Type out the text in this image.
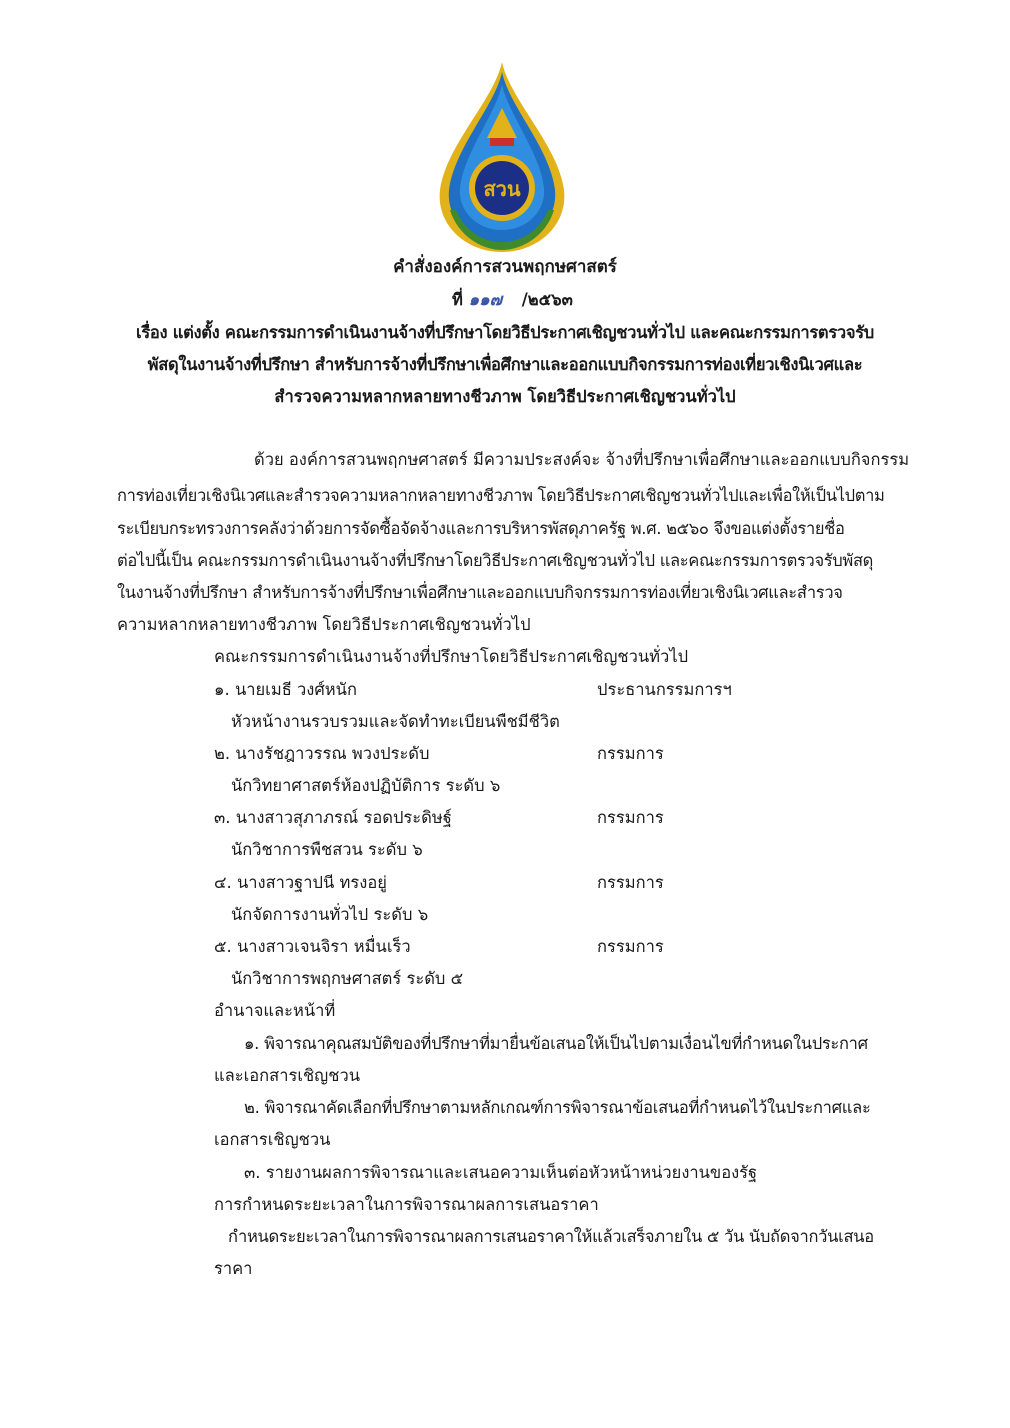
สวน
คำสั่งองค์การสวนพฤกษศาสตร์
ที่ ๑๑๗ /๒๕๖๓
เรื่อง แต่งตั้ง คณะกรรมการดำเนินงานจ้างที่ปรึกษาโดยวิธีประกาศเชิญชวนทั่วไป และคณะกรรมการตรวจรับ
พัสดุในงานจ้างที่ปรึกษา สำหรับการจ้างที่ปรึกษาเพื่อศึกษาและออกแบบกิจกรรมการท่องเที่ยวเชิงนิเวศและ
สำรวจความหลากหลายทางชีวภาพ โดยวิธีประกาศเชิญชวนทั่วไป
ด้วย องค์การสวนพฤกษศาสตร์ มีความประสงค์จะ จ้างที่ปรึกษาเพื่อศึกษาและออกแบบกิจกรรม
การท่องเที่ยวเชิงนิเวศและสำรวจความหลากหลายทางชีวภาพ โดยวิธีประกาศเชิญชวนทั่วไปและเพื่อให้เป็นไปตาม
ระเบียบกระทรวงการคลังว่าด้วยการจัดซื้อจัดจ้างและการบริหารพัสดุภาครัฐ พ.ศ. ๒๕๖๐ จึงขอแต่งตั้งรายชื่อ
ต่อไปนี้เป็น คณะกรรมการดำเนินงานจ้างที่ปรึกษาโดยวิธีประกาศเชิญชวนทั่วไป และคณะกรรมการตรวจรับพัสดุ
ในงานจ้างที่ปรึกษา สำหรับการจ้างที่ปรึกษาเพื่อศึกษาและออกแบบกิจกรรมการท่องเที่ยวเชิงนิเวศและสำรวจ
ความหลากหลายทางชีวภาพ โดยวิธีประกาศเชิญชวนทั่วไป
คณะกรรมการดำเนินงานจ้างที่ปรึกษาโดยวิธีประกาศเชิญชวนทั่วไป
๑. นายเมธี วงศ์หนัก	ประธานกรรมการฯ
หัวหน้างานรวบรวมและจัดทำทะเบียนพืชมีชีวิต
๒. นางรัชฎาวรรณ พวงประดับ	กรรมการ
นักวิทยาศาสตร์ห้องปฏิบัติการ ระดับ ๖
๓. นางสาวสุภาภรณ์ รอดประดิษฐ์	กรรมการ
นักวิชาการพืชสวน ระดับ ๖
๔. นางสาวฐาปนี ทรงอยู่	กรรมการ
นักจัดการงานทั่วไป ระดับ ๖
๕. นางสาวเจนจิรา หมื่นเร็ว	กรรมการ
นักวิชาการพฤกษศาสตร์ ระดับ ๕
อำนาจและหน้าที่
๑. พิจารณาคุณสมบัติของที่ปรึกษาที่มายื่นข้อเสนอให้เป็นไปตามเงื่อนไขที่กำหนดในประกาศ
และเอกสารเชิญชวน
๒. พิจารณาคัดเลือกที่ปรึกษาตามหลักเกณฑ์การพิจารณาข้อเสนอที่กำหนดไว้ในประกาศและ
เอกสารเชิญชวน
๓. รายงานผลการพิจารณาและเสนอความเห็นต่อหัวหน้าหน่วยงานของรัฐ
การกำหนดระยะเวลาในการพิจารณาผลการเสนอราคา
กำหนดระยะเวลาในการพิจารณาผลการเสนอราคาให้แล้วเสร็จภายใน ๕ วัน นับถัดจากวันเสนอ
ราคา
